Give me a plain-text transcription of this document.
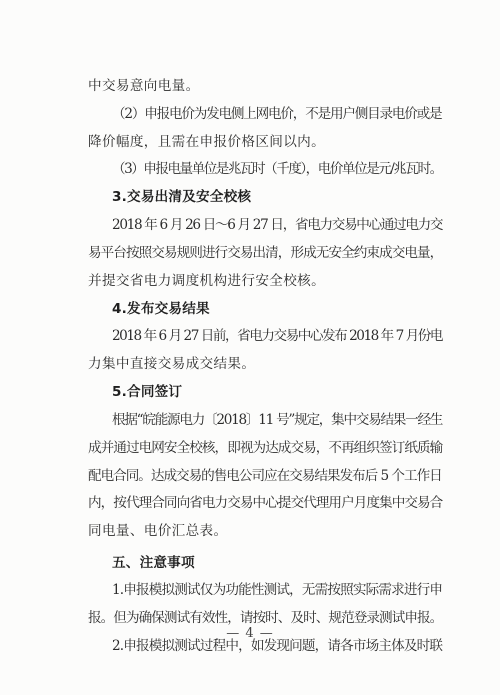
中交易意向电量。
（2）申报电价为发电侧上网电价，不是用户侧目录电价或是
降价幅度，且需在申报价格区间以内。
（3）申报电量单位是兆瓦时（千度），电价单位是元/兆瓦时。
3.交易出清及安全校核
2018 年 6 月 26 日～6 月 27 日，省电力交易中心通过电力交
易平台按照交易规则进行交易出清，形成无安全约束成交电量，
并提交省电力调度机构进行安全校核。
4.发布交易结果
2018 年 6 月 27 日前，省电力交易中心发布 2018 年 7 月份电
力集中直接交易成交结果。
5.合同签订
根据“皖能源电力〔2018〕11 号”规定，集中交易结果一经生
成并通过电网安全校核，即视为达成交易，不再组织签订纸质输
配电合同。达成交易的售电公司应在交易结果发布后 5 个工作日
内，按代理合同向省电力交易中心提交代理用户月度集中交易合
同电量、电价汇总表。
五、注意事项
1.申报模拟测试仅为功能性测试，无需按照实际需求进行申
报。但为确保测试有效性，请按时、及时、规范登录测试申报。
2.申报模拟测试过程中，如发现问题，请各市场主体及时联
— 4 —
